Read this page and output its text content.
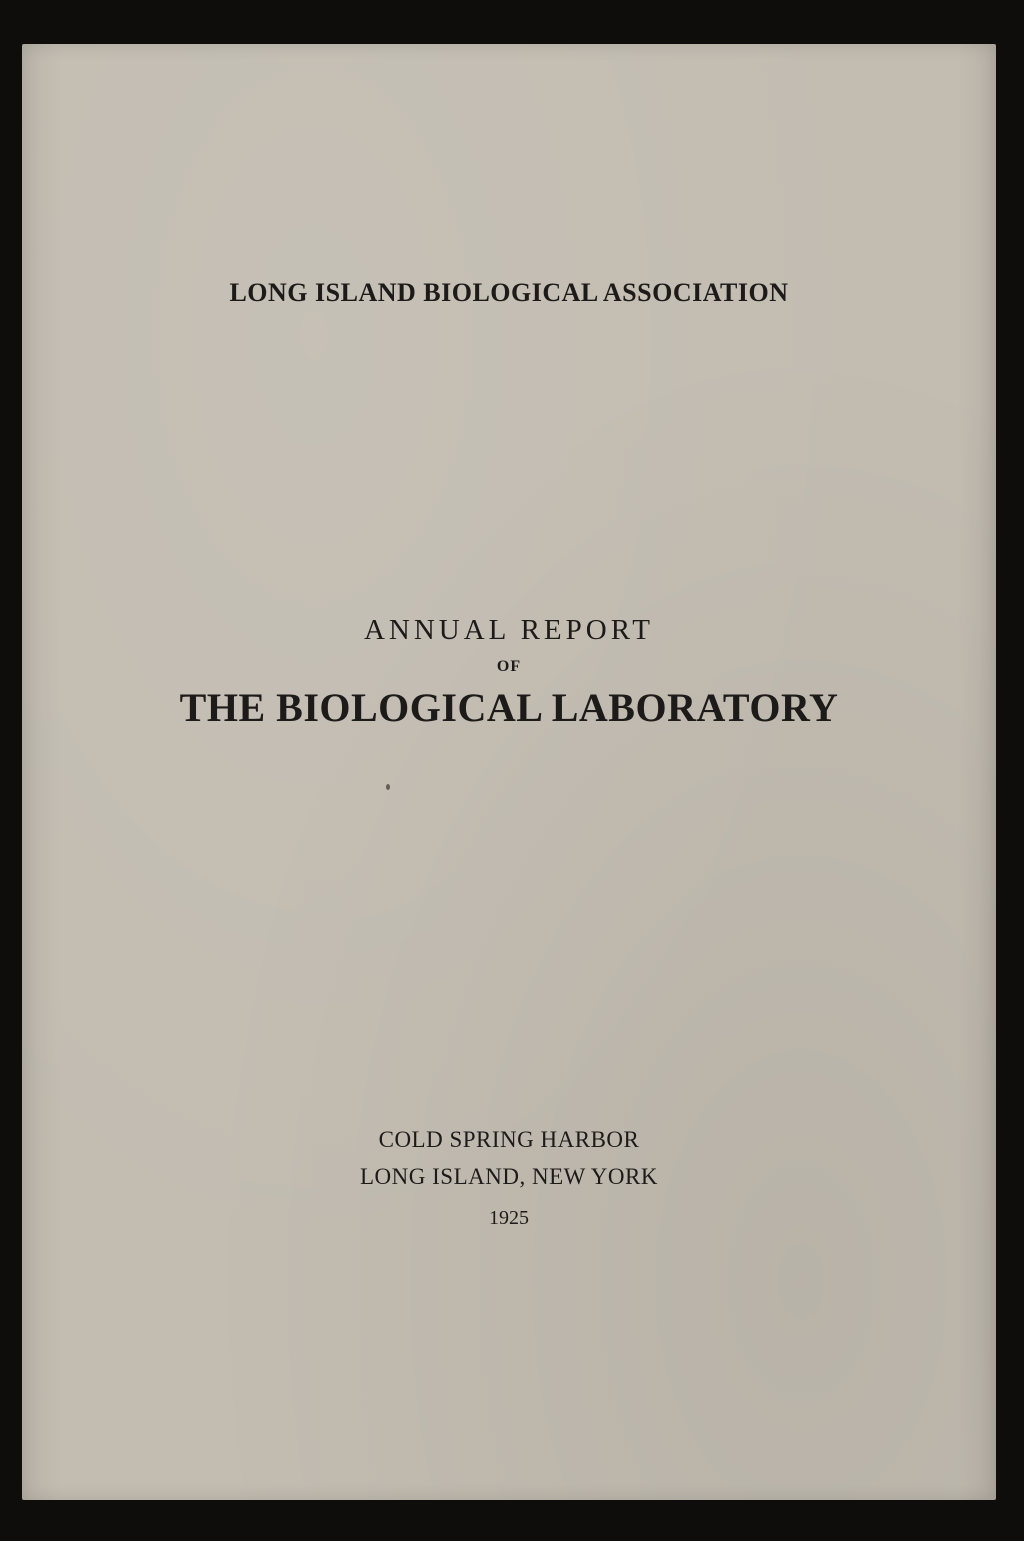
LONG ISLAND BIOLOGICAL ASSOCIATION
ANNUAL REPORT
OF
THE BIOLOGICAL LABORATORY
COLD SPRING HARBOR
LONG ISLAND, NEW YORK
1925
